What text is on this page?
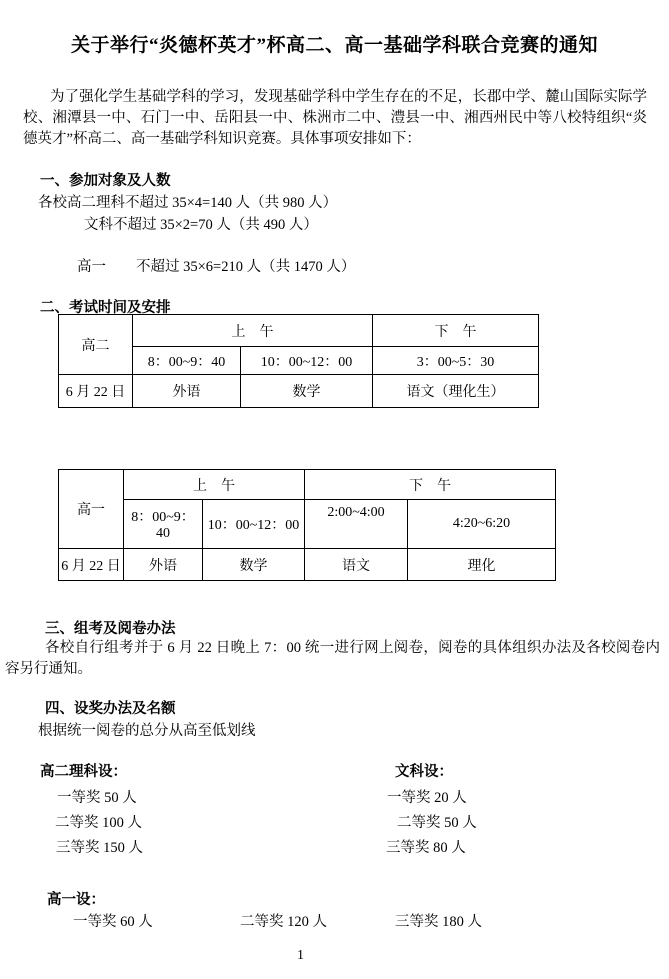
关于举行“炎德杯英才”杯高二、高一基础学科联合竞赛的通知

为了强化学生基础学科的学习，发现基础学科中学生存在的不足，长郡中学、麓山国际实际学校、湘潭县一中、石门一中、岳阳县一中、株洲市二中、澧县一中、湘西州民中等八校特组织“炎德英才”杯高二、高一基础学科知识竞赛。具体事项安排如下：

一、参加对象及人数
各校高二理科不超过 35×4=140 人（共 980 人）
文科不超过 35×2=70 人（共 490 人）
高一 不超过 35×6=210 人（共 1470 人）
二、考试时间及安排
高二	上　午		下　午
	8：00~9：40	10：00~12：00	3：00~5：30
6 月 22 日	外语	数学	语文（理化生）
高一	上　午		下　午	
	8：00~9：40	10：00~12：00	2:00~4:00	4:20~6:20
6 月 22 日	外语	数学	语文	理化
三、组考及阅卷办法

各校自行组考并于 6 月 22 日晚上 7：00 统一进行网上阅卷，阅卷的具体组织办法及各校阅卷内容另行通知。

四、设奖办法及名额
根据统一阅卷的总分从高至低划线
高二理科设：
一等奖 50 人
二等奖 100 人
三等奖 150 人
文科设：
一等奖 20 人
二等奖 50 人
三等奖 80 人
高一设：
一等奖 60 人	二等奖 120 人	三等奖 180 人
1
